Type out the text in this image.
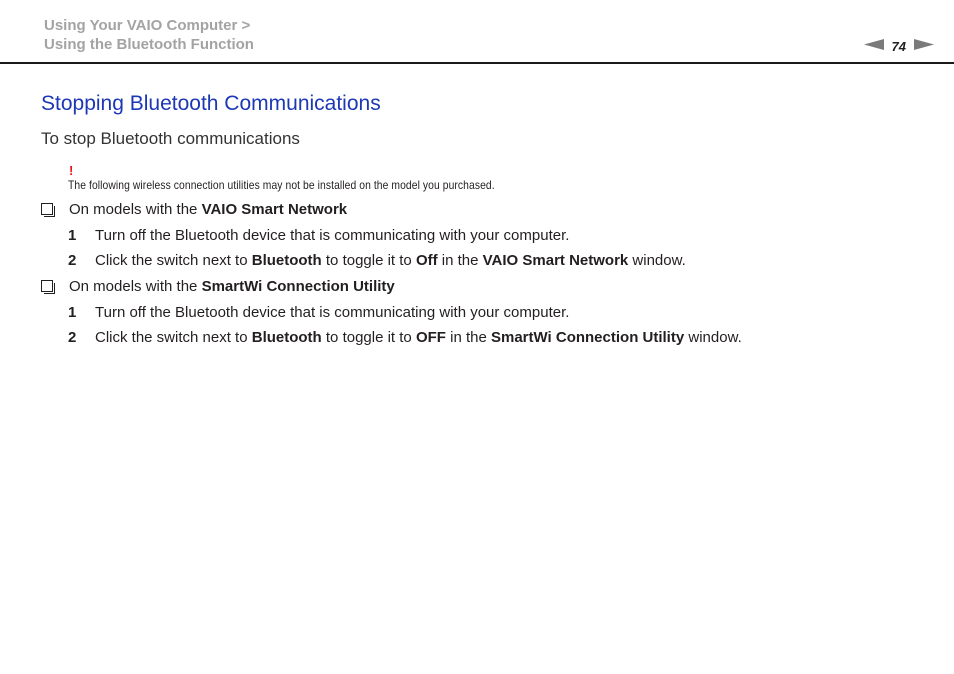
Using Your VAIO Computer >
Using the Bluetooth Function	74
Stopping Bluetooth Communications
To stop Bluetooth communications
!
The following wireless connection utilities may not be installed on the model you purchased.
On models with the VAIO Smart Network
1 Turn off the Bluetooth device that is communicating with your computer.
2 Click the switch next to Bluetooth to toggle it to Off in the VAIO Smart Network window.
On models with the SmartWi Connection Utility
1 Turn off the Bluetooth device that is communicating with your computer.
2 Click the switch next to Bluetooth to toggle it to OFF in the SmartWi Connection Utility window.
